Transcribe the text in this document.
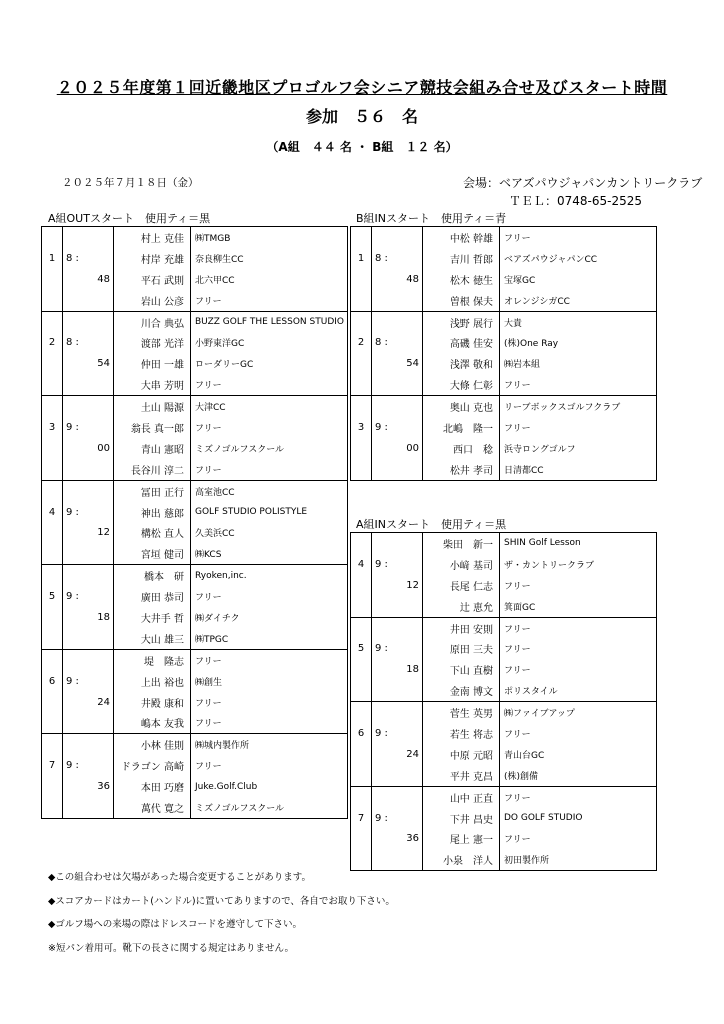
２０２５年度第１回近畿地区プロゴルフ会シニア競技会組み合せ及びスタート時間
参加　５６　名
（A組　４４ 名 ・ B組　１２ 名）
２０２５年７月１８日（金）	会場：ベアズパウジャパンカントリークラブ
ＴＥＬ：0748-65-2525
A組OUTスタート　使用ティ＝黒
			村上 克佳	㈱TMGB
1	8 :		村岸 充雄	奈良柳生CC
		48	平石 武則	北六甲CC
			岩山 公彦	フリー
			川合 典弘	BUZZ GOLF THE LESSON STUDIO
2	8 :		渡部 光洋	小野東洋GC
		54	仲田 一雄	ローダリーGC
			大串 芳明	フリー
			土山 陽源	大津CC
3	9 :		翁長 真一郎	フリー
		00	青山 憲昭	ミズノゴルフスクール
			長谷川 淳二	フリー
			冨田 正行	高室池CC
4	9 :		神出 慈郎	GOLF STUDIO POLISTYLE
		12	構松 直人	久美浜CC
			宮垣 健司	㈱KCS
			橋本　研	Ryoken,inc.
5	9 :		廣田 恭司	フリー
		18	大井手 哲	㈱ダイチク
			大山 雄三	㈱TPGC
			堤　隆志	フリー
6	9 :		上出 裕也	㈱創生
		24	井殿 康和	フリー
			嶋本 友我	フリー
			小林 佳則	㈱城内製作所
7	9 :		ドラゴン 高崎	フリー
		36	本田 巧磨	Juke.Golf.Club
			萬代 寛之	ミズノゴルフスクール
B組INスタート　使用ティ＝青
			中松 幹雄	フリー
1	8 :		吉川 哲郎	ベアズパウジャパンCC
		48	松木 徳生	宝塚GC
			曽根 保夫	オレンジシガCC
			浅野 展行	大貴
2	8 :		高磯 佳安	(株)One Ray
		54	浅澤 敬和	㈱岩本組
			大條 仁彰	フリー
			奥山 克也	リーブボックスゴルフクラブ
3	9 :		北嶋　隆一	フリー
		00	西口　稔	浜寺ロングゴルフ
			松井 孝司	日清都CC
A組INスタート　使用ティ＝黒
			柴田　新一	SHIN Golf Lesson
4	9 :		小﨑 基司	ザ・カントリークラブ
		12	長尾 仁志	フリー
			辻 恵允	箕面GC
			井田 安則	フリー
5	9 :		原田 三夫	フリー
		18	下山 直樹	フリー
			金南 博文	ポリスタイル
			菅生 英男	㈱ファイブアップ
6	9 :		若生 将志	フリー
		24	中原 元昭	青山台GC
			平井 克昌	(株)創備
			山中 正直	フリー
7	9 :		下井 昌史	DO GOLF STUDIO
		36	尾上 憲一	フリー
			小泉　洋人	初田製作所
◆この組合わせは欠場があった場合変更することがあります。
◆スコアカードはカート(ハンドル)に置いてありますので、各自でお取り下さい。
◆ゴルフ場への来場の際はドレスコードを遵守して下さい。
※短パン着用可。靴下の長さに関する規定はありません。
